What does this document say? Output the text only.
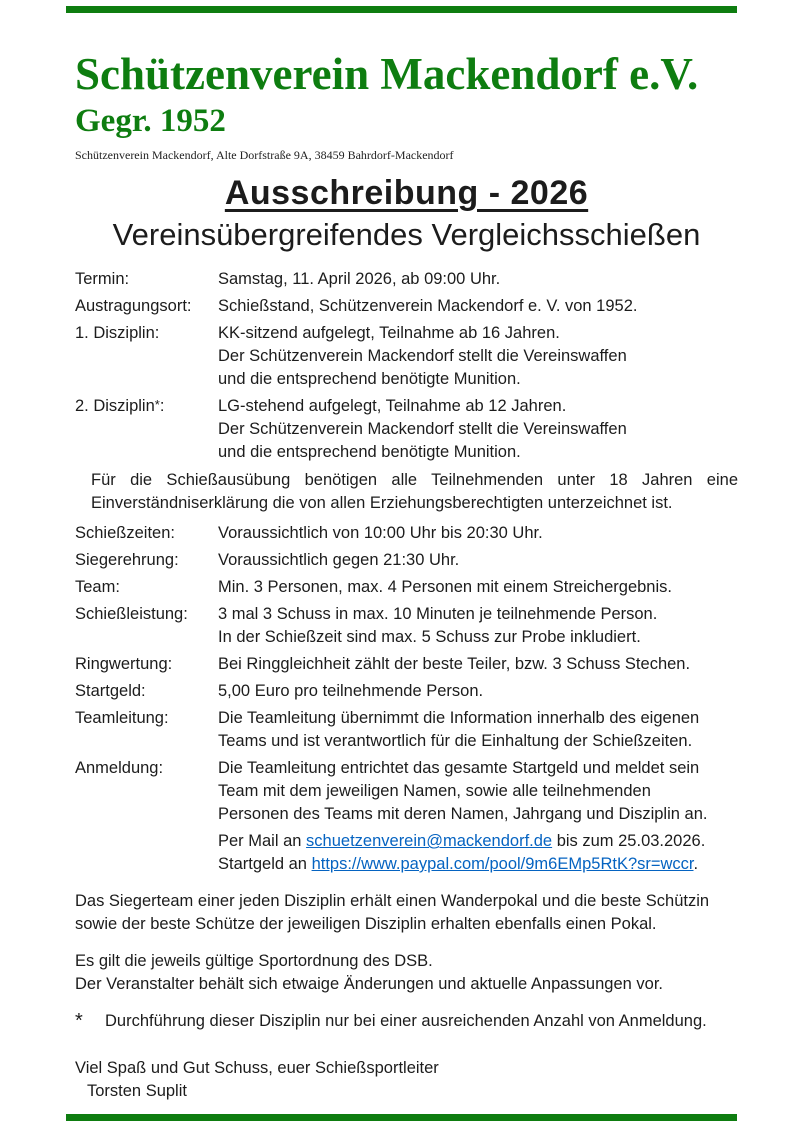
Schützenverein Mackendorf e.V.
Gegr. 1952
Schützenverein Mackendorf, Alte Dorfstraße 9A, 38459 Bahrdorf-Mackendorf
Ausschreibung - 2026
Vereinsübergreifendes Vergleichsschießen
Termin:	Samstag, 11. April 2026, ab 09:00 Uhr.
Austragungsort:	Schießstand, Schützenverein Mackendorf e. V. von 1952.
1. Disziplin:	KK-sitzend aufgelegt, Teilnahme ab 16 Jahren.
Der Schützenverein Mackendorf stellt die Vereinswaffen
und die entsprechend benötigte Munition.
2. Disziplin*:	LG-stehend aufgelegt, Teilnahme ab 12 Jahren.
Der Schützenverein Mackendorf stellt die Vereinswaffen
und die entsprechend benötigte Munition.
Für die Schießausübung benötigen alle Teilnehmenden unter 18 Jahren eine
Einverständniserklärung die von allen Erziehungsberechtigten unterzeichnet ist.
Schießzeiten:	Voraussichtlich von 10:00 Uhr bis 20:30 Uhr.
Siegerehrung:	Voraussichtlich gegen 21:30 Uhr.
Team:	Min. 3 Personen, max. 4 Personen mit einem Streichergebnis.
Schießleistung:	3 mal 3 Schuss in max. 10 Minuten je teilnehmende Person.
In der Schießzeit sind max. 5 Schuss zur Probe inkludiert.
Ringwertung:	Bei Ringgleichheit zählt der beste Teiler, bzw. 3 Schuss Stechen.
Startgeld:	5,00 Euro pro teilnehmende Person.
Teamleitung:	Die Teamleitung übernimmt die Information innerhalb des eigenen
Teams und ist verantwortlich für die Einhaltung der Schießzeiten.
Anmeldung:	Die Teamleitung entrichtet das gesamte Startgeld und meldet sein
Team mit dem jeweiligen Namen, sowie alle teilnehmenden
Personen des Teams mit deren Namen, Jahrgang und Disziplin an.
Per Mail an schuetzenverein@mackendorf.de bis zum 25.03.2026.
Startgeld an https://www.paypal.com/pool/9m6EMp5RtK?sr=wccr.
Das Siegerteam einer jeden Disziplin erhält einen Wanderpokal und die beste Schützin
sowie der beste Schütze der jeweiligen Disziplin erhalten ebenfalls einen Pokal.
Es gilt die jeweils gültige Sportordnung des DSB.
Der Veranstalter behält sich etwaige Änderungen und aktuelle Anpassungen vor.
*	Durchführung dieser Disziplin nur bei einer ausreichenden Anzahl von Anmeldung.
Viel Spaß und Gut Schuss, euer Schießsportleiter
Torsten Suplit
